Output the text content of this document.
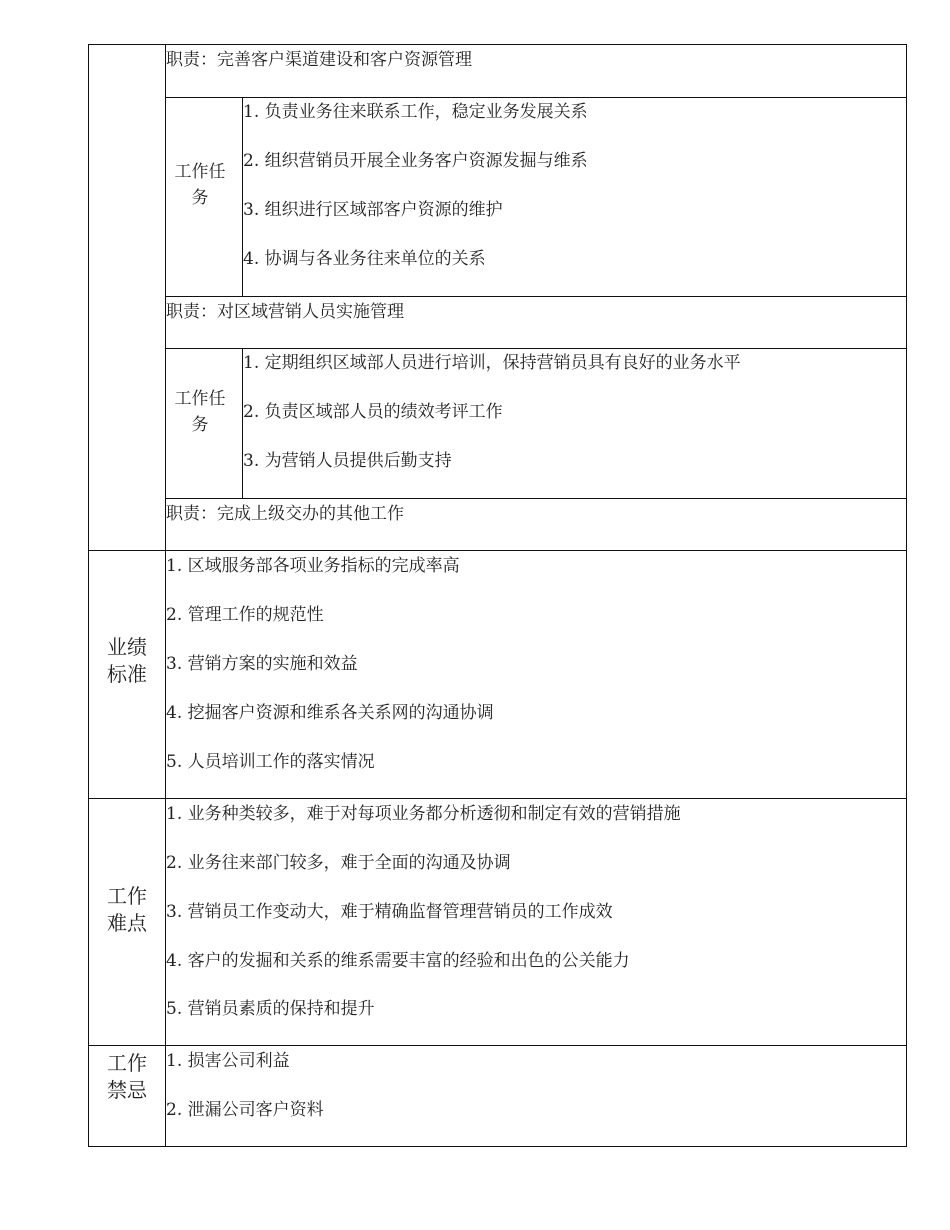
职责：完善客户渠道建设和客户资源管理
工作任
务
1. 负责业务往来联系工作，稳定业务发展关系
2. 组织营销员开展全业务客户资源发掘与维系
3. 组织进行区域部客户资源的维护
4. 协调与各业务往来单位的关系
职责：对区域营销人员实施管理
工作任
务
1. 定期组织区域部人员进行培训，保持营销员具有良好的业务水平
2. 负责区域部人员的绩效考评工作
3. 为营销人员提供后勤支持
职责：完成上级交办的其他工作
业绩
标准
1. 区域服务部各项业务指标的完成率高
2. 管理工作的规范性
3. 营销方案的实施和效益
4. 挖掘客户资源和维系各关系网的沟通协调
5. 人员培训工作的落实情况
工作
难点
1. 业务种类较多，难于对每项业务都分析透彻和制定有效的营销措施
2. 业务往来部门较多，难于全面的沟通及协调
3. 营销员工作变动大，难于精确监督管理营销员的工作成效
4. 客户的发掘和关系的维系需要丰富的经验和出色的公关能力
5. 营销员素质的保持和提升
工作
禁忌
1. 损害公司利益
2. 泄漏公司客户资料
